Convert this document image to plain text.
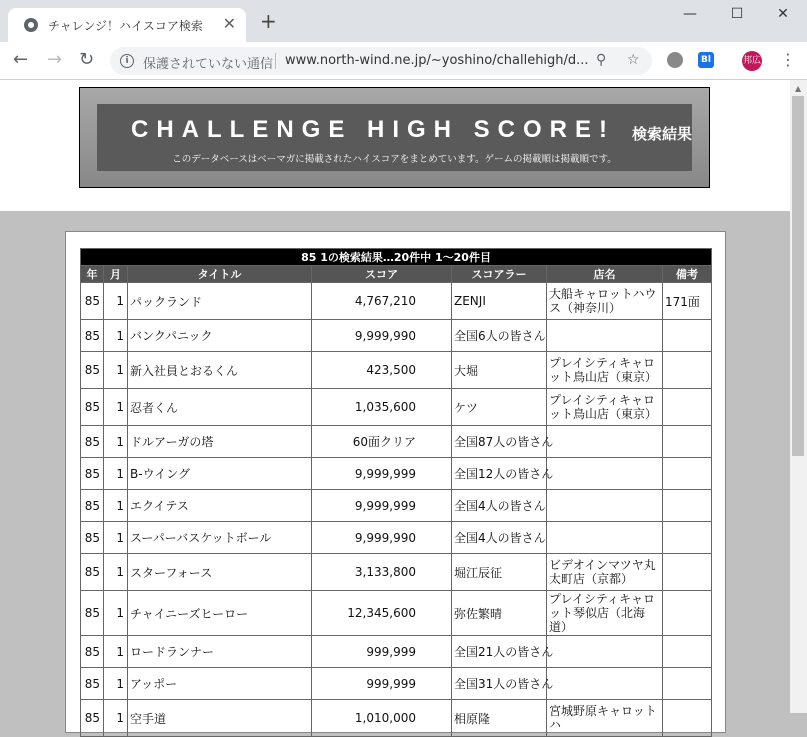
チャレンジ！ハイスコア検索 ✕ +	—	☐	✕
← → ↻	i	保護されていない通信 www.north-wind.ne.jp/~yoshino/challehigh/d... ⚲ ☆	Bl	邦広 ⋮
CHALLENGE HIGH SCORE! 検索結果
このデータベースはベーマガに掲載されたハイスコアをまとめています。ゲームの掲載順は掲載順です。
85 1の検索結果…20件中 1〜20件目						
年	月	タイトル	スコア	スコアラー	店名	備考
85	1	パックランド	4,767,210	ZENJI	大船キャロットハウス（神奈川）	171面
85	1	バンクパニック	9,999,990	全国6人の皆さん		
85	1	新入社員とおるくん	423,500	大堀	プレイシティキャロット鳥山店（東京）	
85	1	忍者くん	1,035,600	ケツ	プレイシティキャロット鳥山店（東京）	
85	1	ドルアーガの塔	60面クリア	全国87人の皆さん		
85	1	B-ウイング	9,999,999	全国12人の皆さん		
85	1	エクイテス	9,999,999	全国4人の皆さん		
85	1	スーパーバスケットボール	9,999,990	全国4人の皆さん		
85	1	スターフォース	3,133,800	堀江辰征	ビデオインマツヤ丸太町店（京都）	
85	1	チャイニーズヒーロー	12,345,600	弥佐繁晴	プレイシティキャロット琴似店（北海道）	
85	1	ロードランナー	999,999	全国21人の皆さん		
85	1	アッポー	999,999	全国31人の皆さん		
85	1	空手道	1,010,000	相原隆	宮城野原キャロットハ	
▲
